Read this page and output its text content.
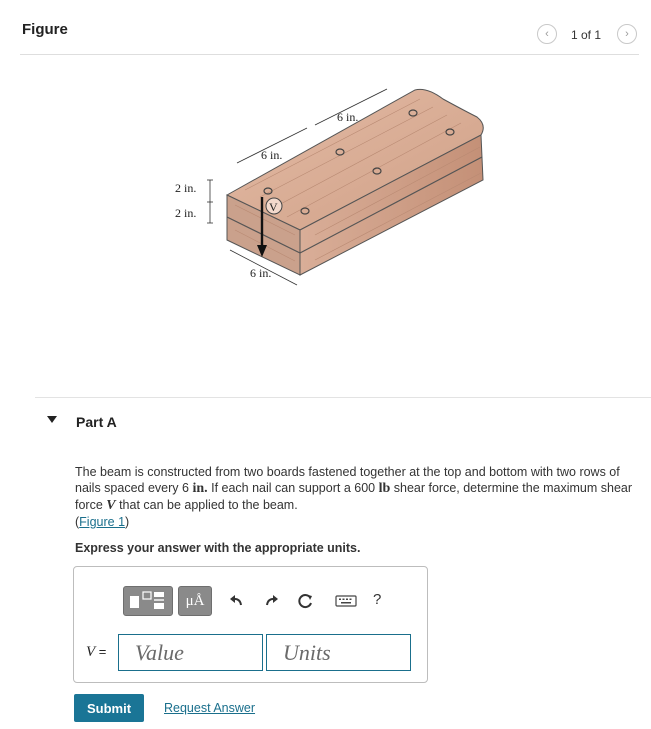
Figure	‹ 1 of 1 ›
V
6 in.
6 in.
2 in.
2 in.
6 in.
Part A
The beam is constructed from two boards fastened together at the top and bottom with two rows of nails spaced every 6 in. If each nail can support a 600 lb shear force, determine the maximum shear force V that can be applied to the beam.
(Figure 1)
Express your answer with the appropriate units.
μÅ	?
V =
Value
Units
Submit	Request Answer
